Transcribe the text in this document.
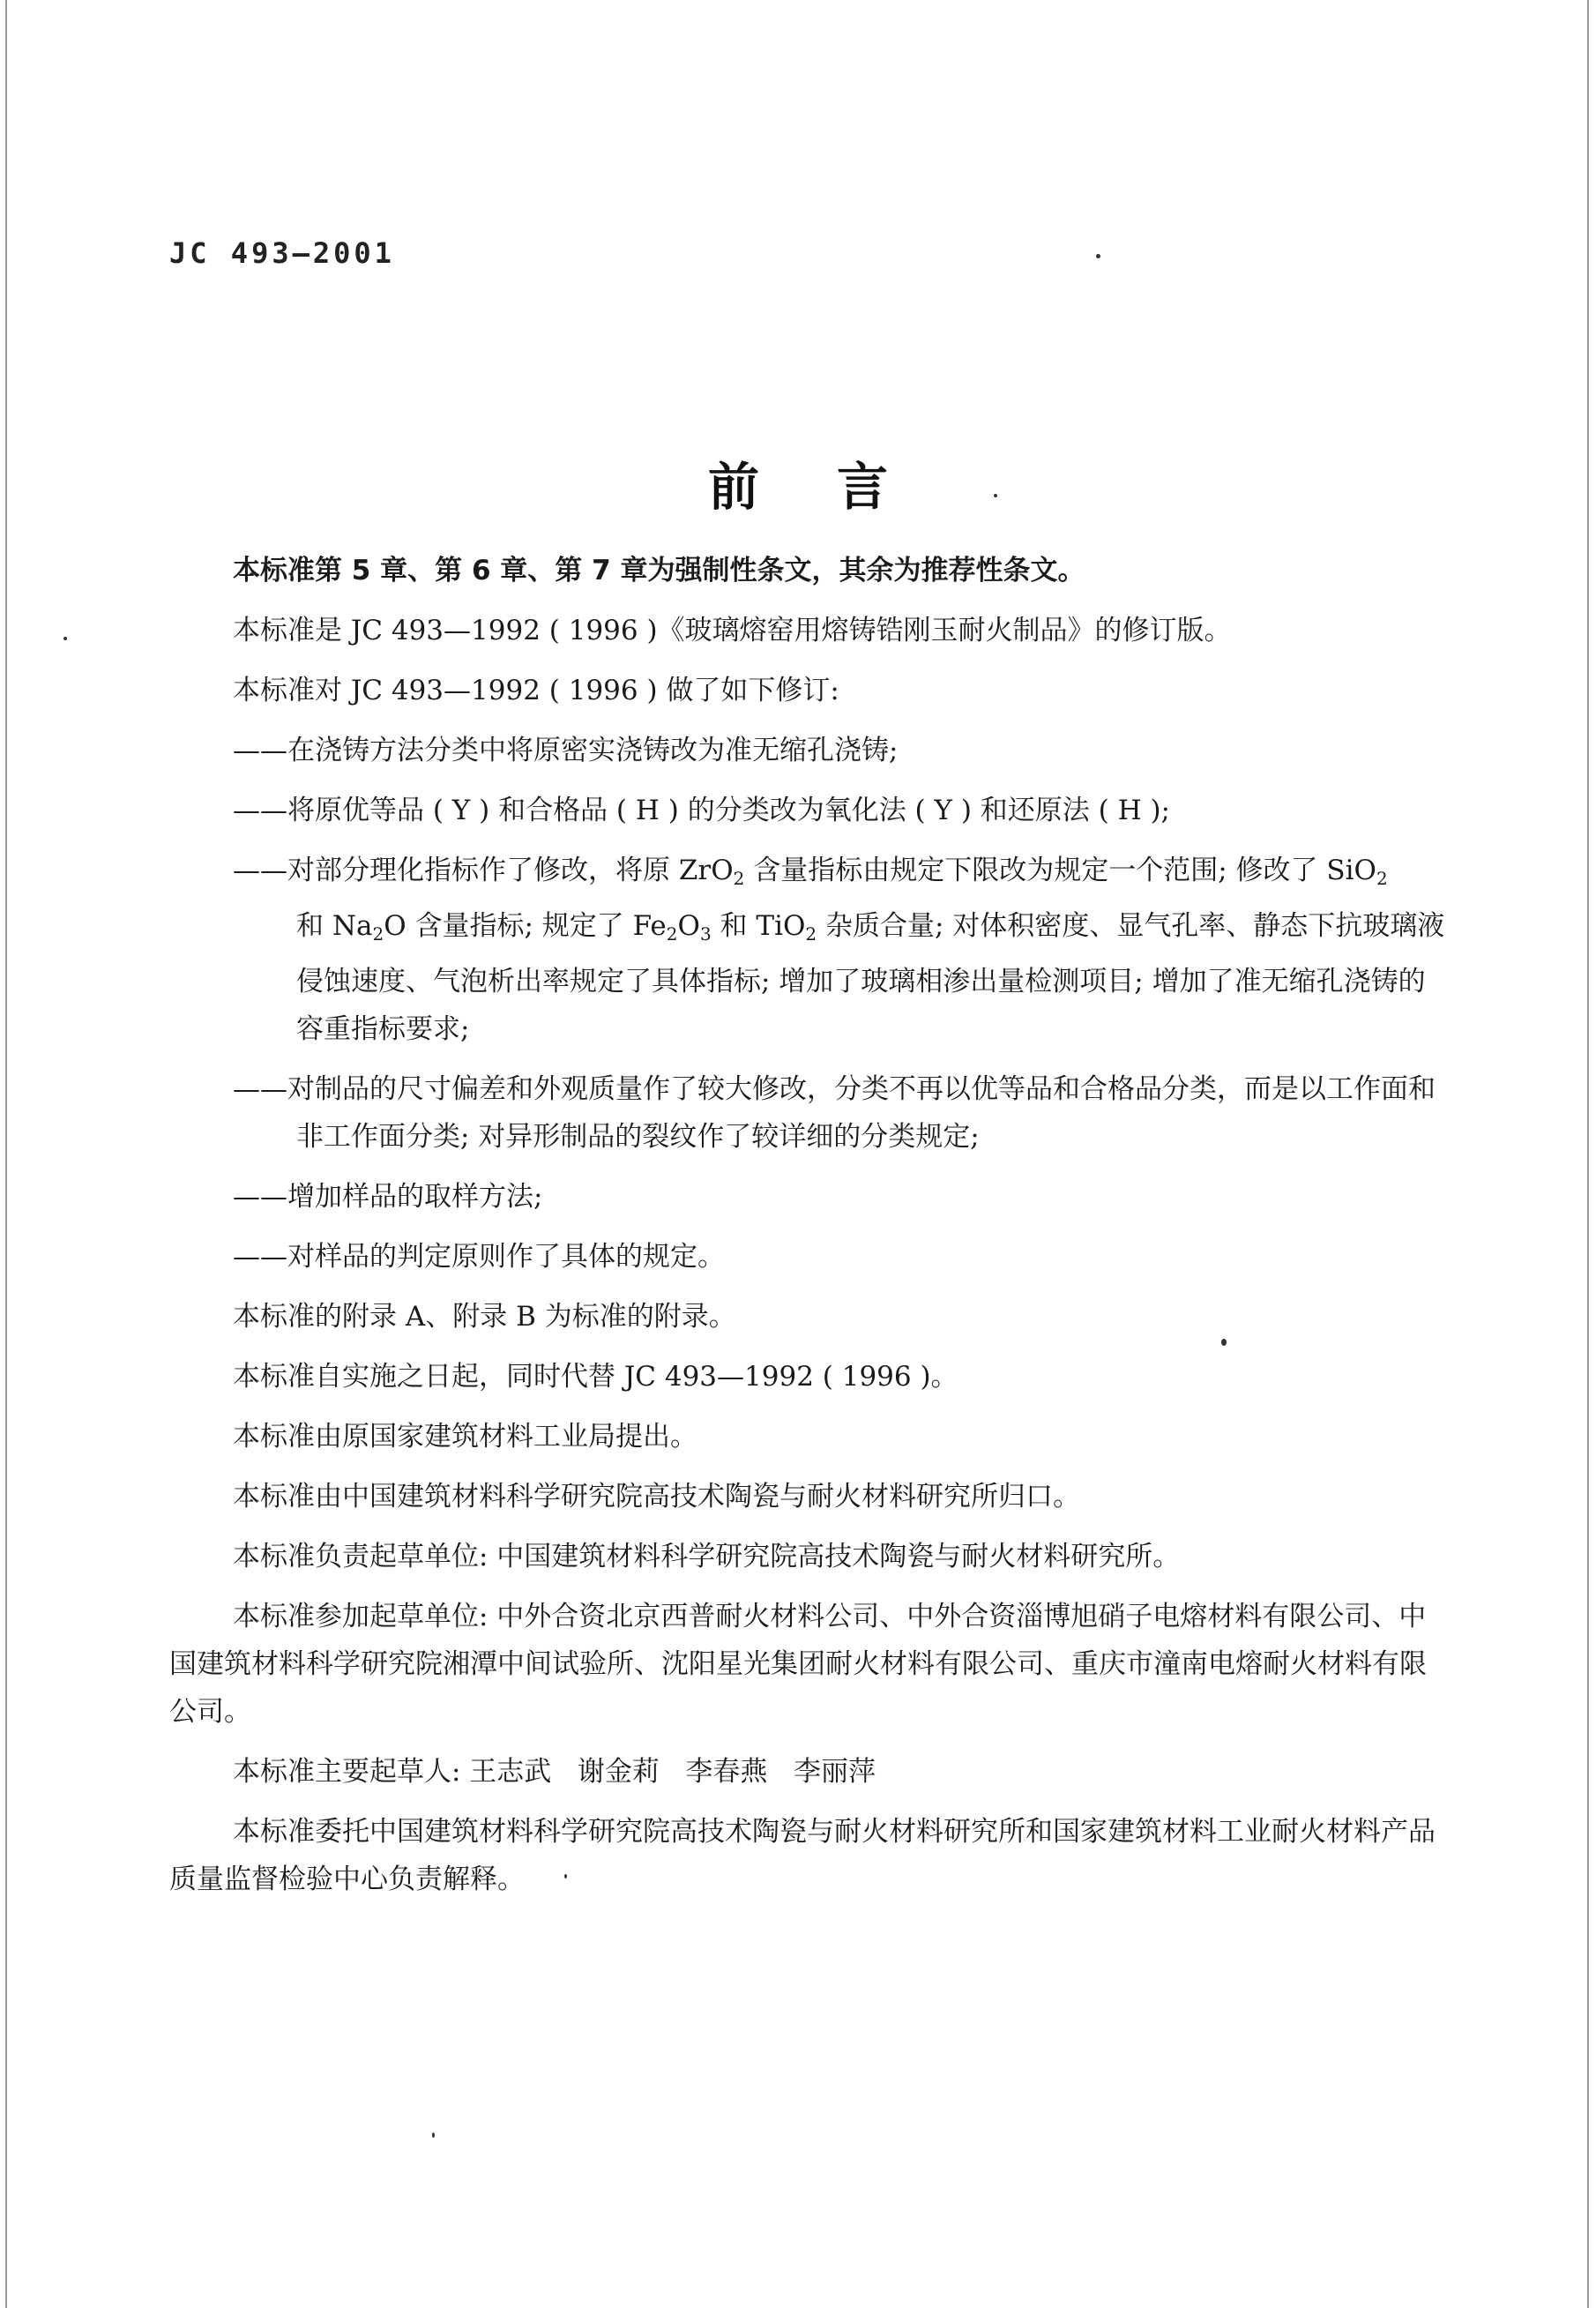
JC 493—2001
前言

本标准第 5 章、第 6 章、第 7 章为强制性条文，其余为推荐性条文。

本标准是 JC 493—1992 ( 1996 )《玻璃熔窑用熔铸锆刚玉耐火制品》的修订版。

本标准对 JC 493—1992 ( 1996 ) 做了如下修订:

——在浇铸方法分类中将原密实浇铸改为准无缩孔浇铸;

——将原优等品 ( Y ) 和合格品 ( H ) 的分类改为氧化法 ( Y ) 和还原法 ( H );

——对部分理化指标作了修改，将原 ZrO$_2$ 含量指标由规定下限改为规定一个范围; 修改了 SiO$_2$
和 $Na_2O$ 含量指标; 规定了 $Fe_2O_3$ 和 TiO$_2$ 杂质合量; 对体积密度、显气孔率、静态下抗玻璃液侵蚀速度、气泡析出率规定了具体指标; 增加了玻璃相渗出量检测项目; 增加了准无缩孔浇铸的容重指标要求;

——对制品的尺寸偏差和外观质量作了较大修改，分类不再以优等品和合格品分类，而是以工作面和非工作面分类; 对异形制品的裂纹作了较详细的分类规定;

——增加样品的取样方法;

——对样品的判定原则作了具体的规定。

本标准的附录 A、附录 B 为标准的附录。

本标准自实施之日起，同时代替 JC 493—1992 ( 1996 )。

本标准由原国家建筑材料工业局提出。

本标准由中国建筑材料科学研究院高技术陶瓷与耐火材料研究所归口。

本标准负责起草单位: 中国建筑材料科学研究院高技术陶瓷与耐火材料研究所。

本标准参加起草单位: 中外合资北京西普耐火材料公司、中外合资淄博旭硝子电熔材料有限公司、中国建筑材料科学研究院湘潭中间试验所、沈阳星光集团耐火材料有限公司、重庆市潼南电熔耐火材料有限公司。

本标准主要起草人: 王志武   谢金莉   李春燕   李丽萍

本标准委托中国建筑材料科学研究院高技术陶瓷与耐火材料研究所和国家建筑材料工业耐火材料产品质量监督检验中心负责解释。
